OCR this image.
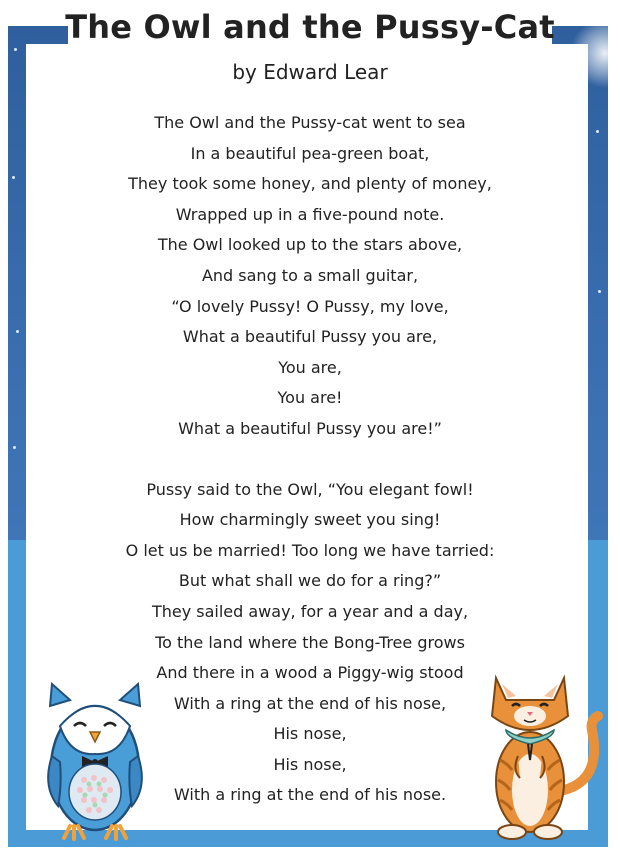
The Owl and the Pussy-Cat

by Edward Lear

The Owl and the Pussy-cat went to sea
In a beautiful pea-green boat,
They took some honey, and plenty of money,
Wrapped up in a five-pound note.
The Owl looked up to the stars above,
And sang to a small guitar,
“O lovely Pussy! O Pussy, my love,
What a beautiful Pussy you are,
You are,
You are!
What a beautiful Pussy you are!”
Pussy said to the Owl, “You elegant fowl!
How charmingly sweet you sing!
O let us be married! Too long we have tarried:
But what shall we do for a ring?”
They sailed away, for a year and a day,
To the land where the Bong-Tree grows
And there in a wood a Piggy-wig stood
With a ring at the end of his nose,
His nose,
His nose,
With a ring at the end of his nose.
